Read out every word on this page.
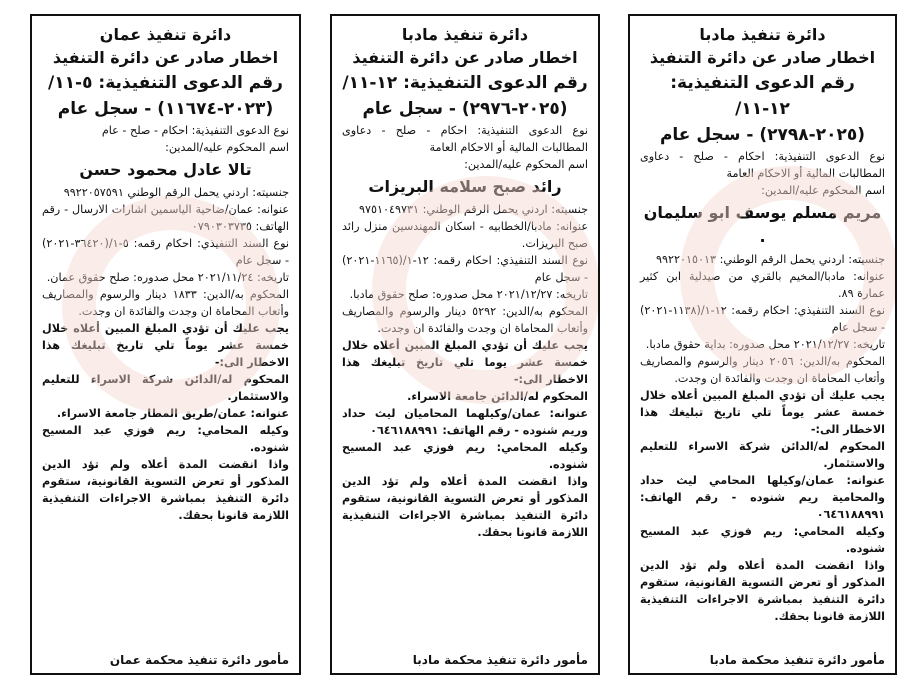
دائرة تنفيذ عمان
اخطار صادر عن دائرة التنفيذ
رقم الدعوى التنفيذية: ٥-١١/
(٢٠٢٣-١١٦٧٤) - سجل عام
نوع الدعوى التنفيذية: احكام - صلح - عام
اسم المحكوم عليه/المدين:
تالا عادل محمود حسن
جنسيته: اردني يحمل الرقم الوطني ٩٩٢٢٠٥٧٥٩١
عنوانه: عمان/ضاحية الياسمين اشارات الارسال - رقم الهاتف: ٠٧٩٠٣٠٣٧٣٥
نوع السند التنفيذي: احكام رقمه: ٥-١/(٣٦٤٢٠-٢٠٢١) - سجل عام
تاريخه: ٢٠٢١/١١/٢٤ محل صدوره: صلح حقوق عمان.
المحكوم به/الدين: ١٨٣٣ دينار والرسوم والمصاريف وأتعاب المحاماة ان وجدت والفائدة ان وجدت.
يجب عليك أن تؤدي المبلغ المبين أعلاه خلال خمسة عشر يوماً تلي تاريخ تبليغك هذا الاخطار الى:-
المحكوم له/الدائن شركة الاسراء للتعليم والاستثمار.
عنوانه: عمان/طريق المطار جامعة الاسراء.
وكيله المحامي: ريم فوزي عبد المسيح شنوده.
واذا انقضت المدة أعلاه ولم تؤد الدين المذكور أو تعرض التسوية القانونية، ستقوم دائرة التنفيذ بمباشرة الاجراءات التنفيذية اللازمة قانونا بحقك.
مأمور دائرة تنفيذ محكمة عمان
دائرة تنفيذ مادبا
اخطار صادر عن دائرة التنفيذ
رقم الدعوى التنفيذية: ١٢-١١/
(٢٠٢٥-٢٩٧٦) - سجل عام
نوع الدعوى التنفيذية: احكام - صلح - دعاوى المطالبات المالية أو الاحكام العامة
اسم المحكوم عليه/المدين:
رائد صبح سلامه البريزات
جنسيته: اردني يحمل الرقم الوطني: ٩٧٥١٠٤٩٧٣١
عنوانه: مادبا/الخطابيه - اسكان المهندسين منزل رائد صبح البريزات.
نوع السند التنفيذي: احكام رقمه: ١٢-١/(١١٦٥-٢٠٢١) - سجل عام
تاريخه: ٢٠٢١/١٢/٢٧ محل صدوره: صلح حقوق مادبا.
المحكوم به/الدين: ٥٢٩٢ دينار والرسوم والمصاريف وأتعاب المحاماة ان وجدت والفائدة ان وجدت.
يجب عليك أن تؤدي المبلغ المبين أعلاه خلال خمسة عشر يوما تلي تاريخ تبليغك هذا الاخطار الى:-
المحكوم له/الدائن جامعة الاسراء.
عنوانه: عمان/وكيلهما المحاميان ليث حداد وريم شنوده - رقم الهاتف: ٠٦٤٦١٨٨٩٩١
وكيله المحامي: ريم فوزي عبد المسيح شنوده.
واذا انقضت المدة أعلاه ولم تؤد الدين المذكور أو تعرض التسوية القانونية، ستقوم دائرة التنفيذ بمباشرة الاجراءات التنفيذية اللازمة قانونا بحقك.
مأمور دائرة تنفيذ محكمة مادبا
دائرة تنفيذ مادبا
اخطار صادر عن دائرة التنفيذ
رقم الدعوى التنفيذية: ١٢-١١/
(٢٠٢٥-٢٧٩٨) - سجل عام
نوع الدعوى التنفيذية: احكام - صلح - دعاوى المطالبات المالية أو الاحكام العامة
اسم المحكوم عليه/المدين:
مريم مسلم يوسف ابو سليمان .
جنسيته: اردني يحمل الرقم الوطني: ٩٩٢٢٠١٥٠١٣
عنوانه: مادبا/المخيم بالقري من صيدلية ابن كثير عمارة ٨٩.
نوع السند التنفيذي: احكام رقمه: ١٢-١/(١١٣٨-٢٠٢١) - سجل عام
تاريخه: ٢٠٢١/١٢/٢٧ محل صدوره: بداية حقوق مادبا.
المحكوم به/الدين: ٢٠٥٦ دينار والرسوم والمصاريف وأتعاب المحاماة ان وجدت والفائدة ان وجدت.
يجب عليك أن تؤدي المبلغ المبين أعلاه خلال خمسة عشر يوماً تلي تاريخ تبليغك هذا الاخطار الى:-
المحكوم له/الدائن شركة الاسراء للتعليم والاستثمار.
عنوانه: عمان/وكيلها المحامي ليث حداد والمحامية ريم شنوده - رقم الهاتف: ٠٦٤٦١٨٨٩٩١
وكيله المحامي: ريم فوزي عبد المسيح شنوده.
واذا انقضت المدة أعلاه ولم تؤد الدين المذكور أو تعرض التسوية القانونية، ستقوم دائرة التنفيذ بمباشرة الاجراءات التنفيذية اللازمة قانونا بحقك.
مأمور دائرة تنفيذ محكمة مادبا
